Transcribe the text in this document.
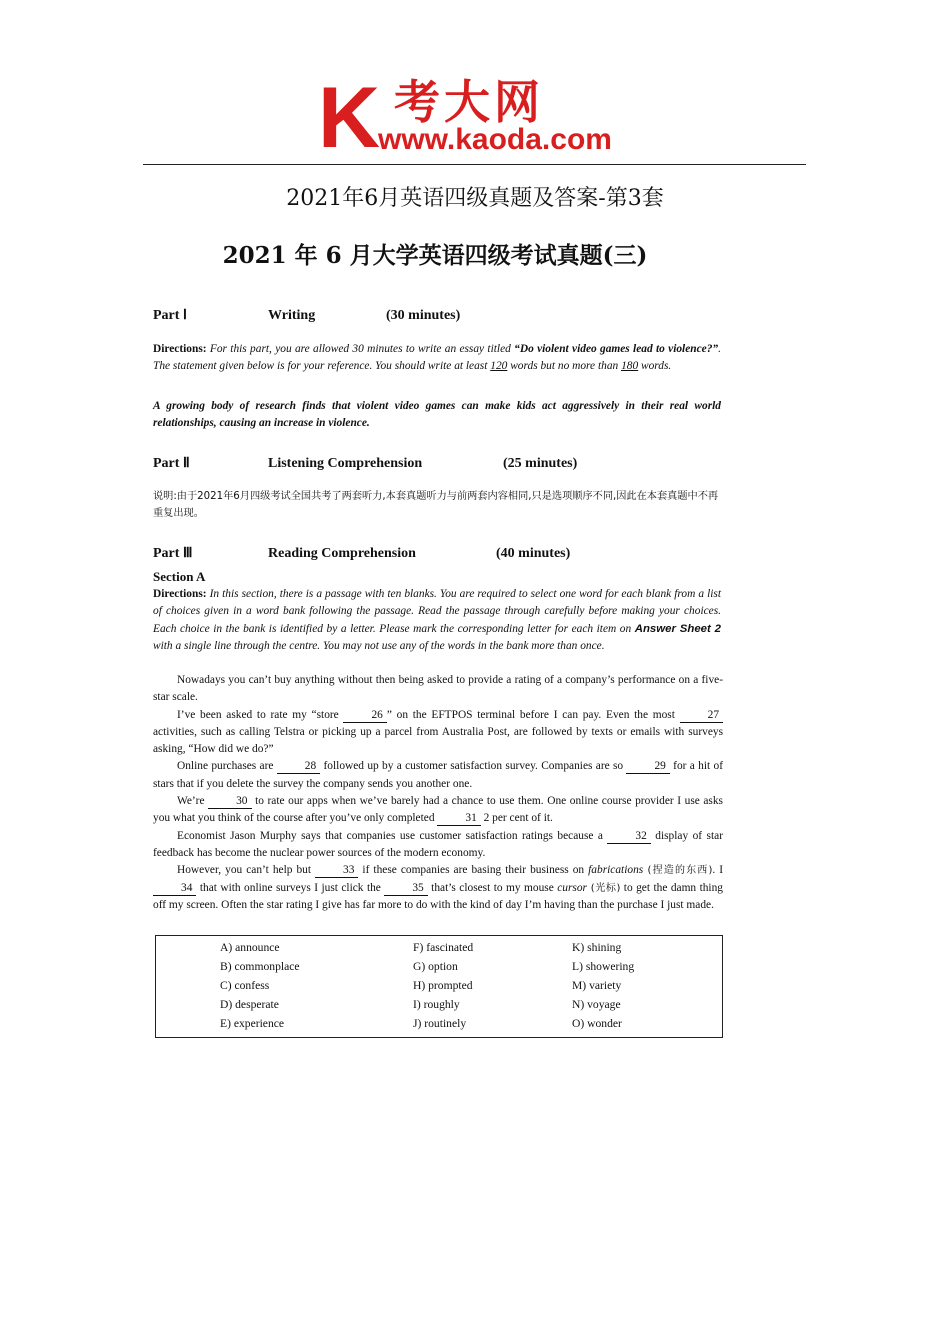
K 考大网
www.kaoda.com
2021年6月英语四级真题及答案-第3套
2021 年 6 月大学英语四级考试真题(三)
Part Ⅰ	Writing	(30 minutes)
Directions: For this part, you are allowed 30 minutes to write an essay titled “Do violent video games lead to violence?”. The statement given below is for your reference. You should write at least 120 words but no more than 180 words.
A growing body of research finds that violent video games can make kids act aggressively in their real world relationships, causing an increase in violence.
Part Ⅱ	Listening Comprehension	(25 minutes)
说明:由于2021年6月四级考试全国共考了两套听力,本套真题听力与前两套内容相同,只是选项顺序不同,因此在本套真题中不再重复出现。
Part Ⅲ	Reading Comprehension	(40 minutes)
Section A
Directions: In this section, there is a passage with ten blanks. You are required to select one word for each blank from a list of choices given in a word bank following the passage. Read the passage through carefully before making your choices. Each choice in the bank is identified by a letter. Please mark the corresponding letter for each item on Answer Sheet 2 with a single line through the centre. You may not use any of the words in the bank more than once.
Nowadays you can’t buy anything without then being asked to provide a rating of a company’s performance on a five-star scale.
I’ve been asked to rate my “store 26 ” on the EFTPOS terminal before I can pay. Even the most 27 activities, such as calling Telstra or picking up a parcel from Australia Post, are followed by texts or emails with surveys asking, “How did we do?”
Online purchases are 28 followed up by a customer satisfaction survey. Companies are so 29 for a hit of stars that if you delete the survey the company sends you another one.
We’re 30 to rate our apps when we’ve barely had a chance to use them. One online course provider I use asks you what you think of the course after you’ve only completed 31 2 per cent of it.
Economist Jason Murphy says that companies use customer satisfaction ratings because a 32 display of star feedback has become the nuclear power sources of the modern economy.
However, you can’t help but 33 if these companies are basing their business on fabrications (捏造的东西). I 34 that with online surveys I just click the 35 that’s closest to my mouse cursor (光标) to get the damn thing off my screen. Often the star rating I give has far more to do with the kind of day I’m having than the purchase I just made.
A) announce	F) fascinated	K) shining
B) commonplace	G) option	L) showering
C) confess	H) prompted	M) variety
D) desperate	I) roughly	N) voyage
E) experience	J) routinely	O) wonder
